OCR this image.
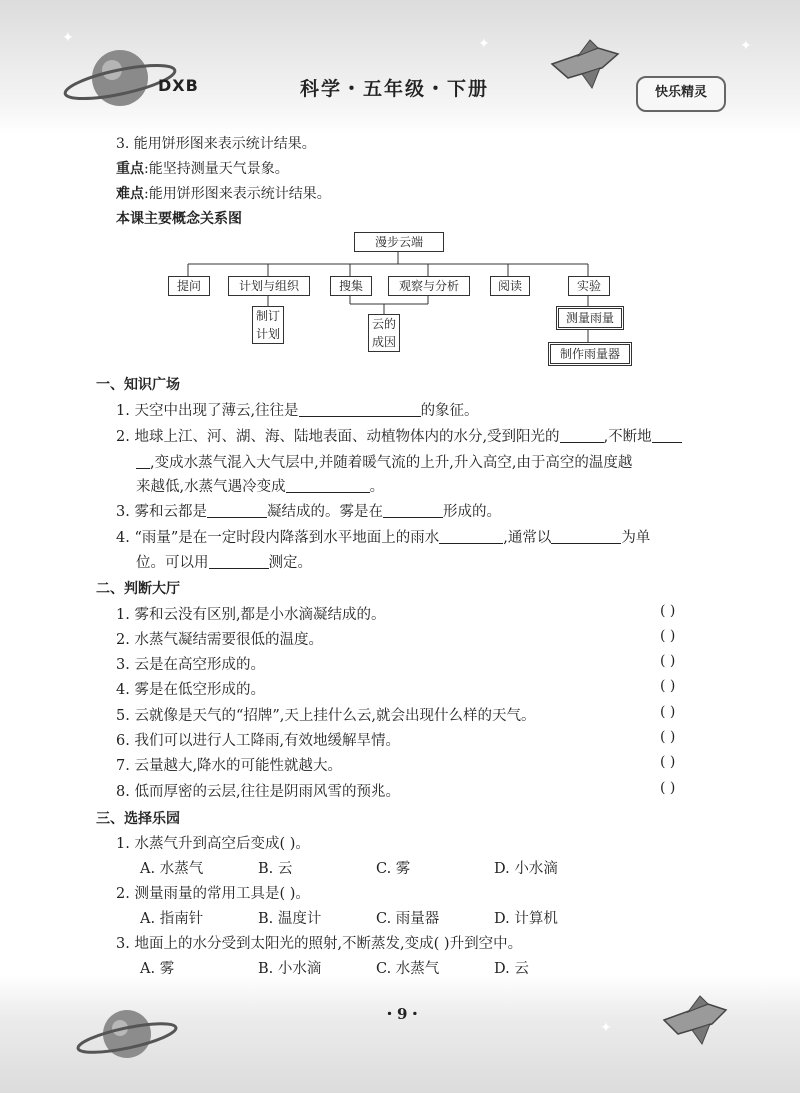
✦	✦	✦
✦
DXB	科学・五年级・下册	快乐精灵
3. 能用饼形图来表示统计结果。
重点:能坚持测量天气景象。
难点:能用饼形图来表示统计结果。
本课主要概念关系图
漫步云端
提问	计划与组织	搜集	观察与分析	阅读	实验
制订计划
云的成因
测量雨量
制作雨量器
一、知识广场
1. 天空中出现了薄云,往往是	的象征。
2. 地球上江、河、湖、海、陆地表面、动植物体内的水分,受到阳光的	,不断地
,变成水蒸气混入大气层中,并随着暖气流的上升,升入高空,由于高空的温度越
来越低,水蒸气遇冷变成	。
3. 雾和云都是	凝结成的。雾是在	形成的。
4. “雨量”是在一定时段内降落到水平地面上的雨水	,通常以	为单
位。可以用	测定。
二、判断大厅
1. 雾和云没有区别,都是小水滴凝结成的。	( )
2. 水蒸气凝结需要很低的温度。	( )
3. 云是在高空形成的。	( )
4. 雾是在低空形成的。	( )
5. 云就像是天气的“招牌”,天上挂什么云,就会出现什么样的天气。	( )
6. 我们可以进行人工降雨,有效地缓解旱情。	( )
7. 云量越大,降水的可能性就越大。	( )
8. 低而厚密的云层,往往是阴雨风雪的预兆。	( )
三、选择乐园
1. 水蒸气升到高空后变成( )。
A. 水蒸气	B. 云	C. 雾	D. 小水滴
2. 测量雨量的常用工具是( )。
A. 指南针	B. 温度计	C. 雨量器	D. 计算机
3. 地面上的水分受到太阳光的照射,不断蒸发,变成( )升到空中。
A. 雾	B. 小水滴	C. 水蒸气	D. 云
・9・
